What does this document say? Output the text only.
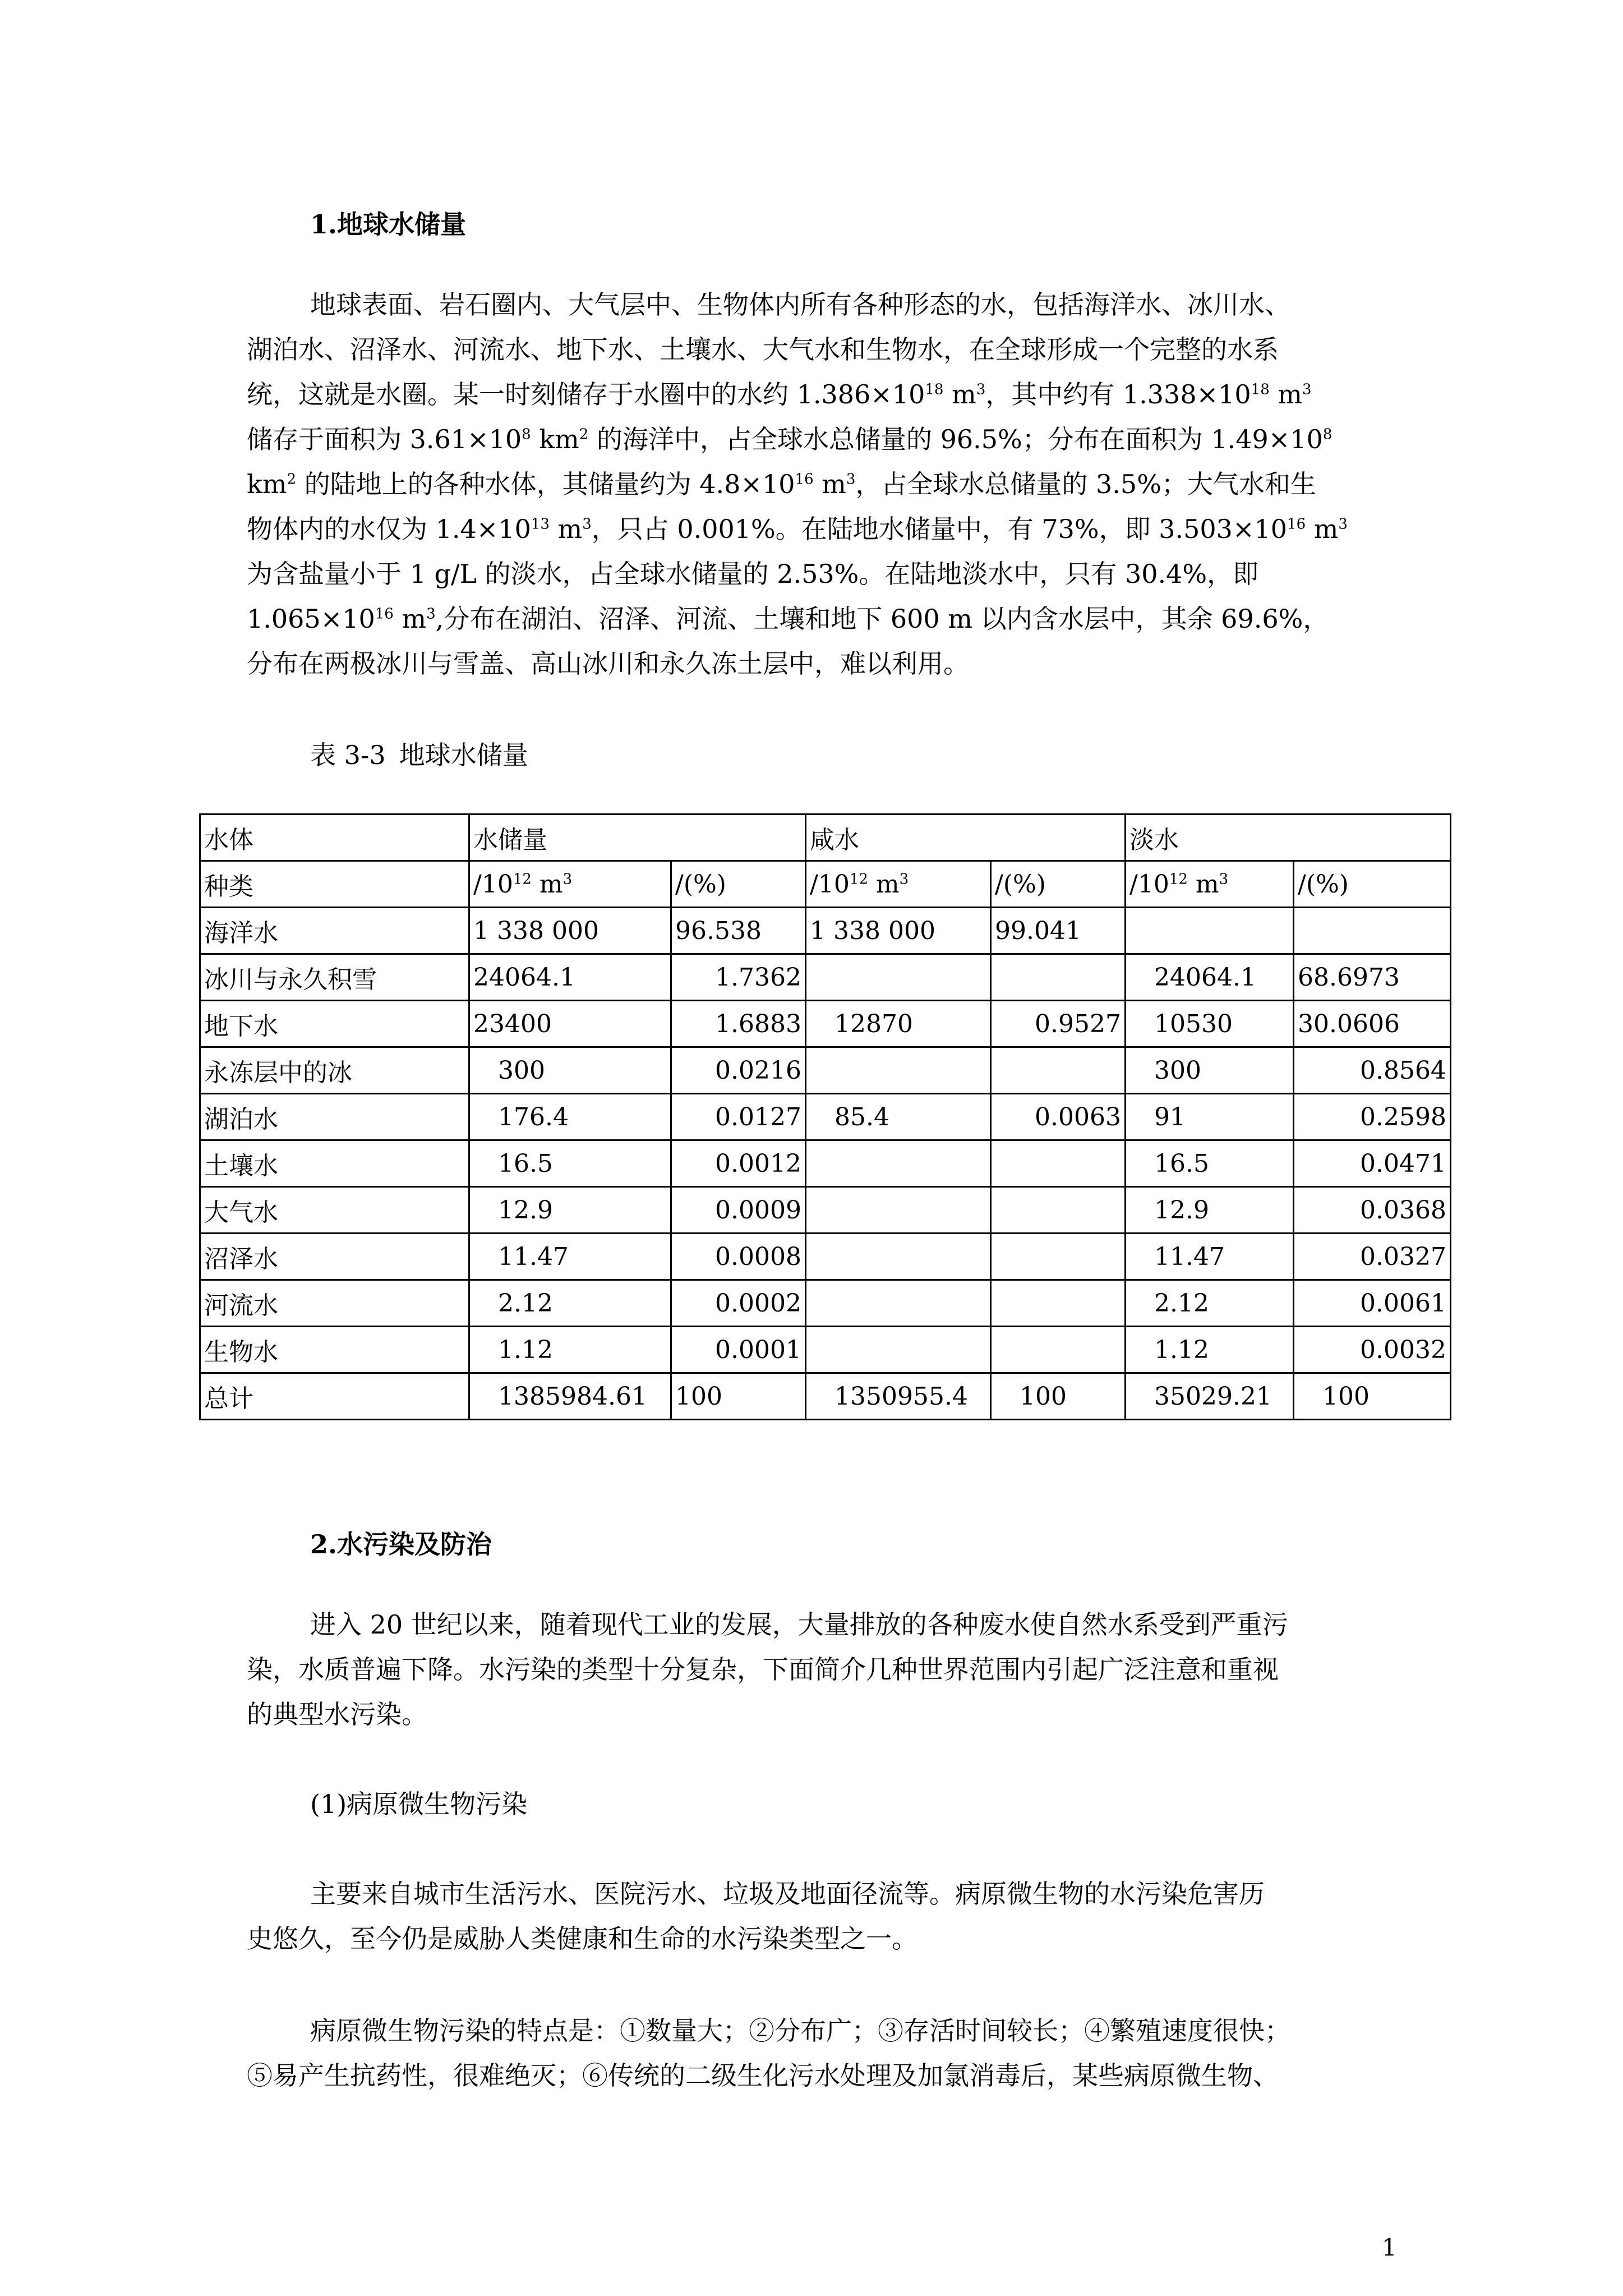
1.地球水储量
地球表面、岩石圈内、大气层中、生物体内所有各种形态的水，包括海洋水、冰川水、
湖泊水、沼泽水、河流水、地下水、土壤水、大气水和生物水，在全球形成一个完整的水系
统，这就是水圈。某一时刻储存于水圈中的水约 $1.386\times 10^{18}$ $m^3$，其中约有 $1.338\times 10^{18}$ $m^3$
储存于面积为 $3.61\times 10^8$ $km^2$ 的海洋中，占全球水总储量的 96.5%；分布在面积为 $1.49\times 10^8$
$km^2$ 的陆地上的各种水体，其储量约为 $4.8\times 10^{16}$ $m^3$，占全球水总储量的 3.5%；大气水和生
物体内的水仅为 $1.4\times 10^{13}$ $m^3$，只占 0.001%。在陆地水储量中，有 73%，即 $3.503\times 10^{16}$ $m^3$
为含盐量小于 1 g/L 的淡水，占全球水储量的 2.53%。在陆地淡水中，只有 30.4%，即
$1.065\times 10^{16}$ $m^3$,分布在湖泊、沼泽、河流、土壤和地下 600 m 以内含水层中，其余 69.6%，
分布在两极冰川与雪盖、高山冰川和永久冻土层中，难以利用。
表 3-3 地球水储量
水体	水储量		咸水		淡水	
种类	$/10^{12}$ $m^3$	/(%)	$/10^{12}$ $m^3$	/(%)	$/10^{12}$ $m^3$	/(%)
海洋水	1 338 000	96.538	1 338 000	99.041		
冰川与永久积雪	24064.1	1.7362			24064.1	68.6973
地下水	23400	1.6883	12870	0.9527	10530	30.0606
永冻层中的冰	300	0.0216			300	0.8564
湖泊水	176.4	0.0127	85.4	0.0063	91	0.2598
土壤水	16.5	0.0012			16.5	0.0471
大气水	12.9	0.0009			12.9	0.0368
沼泽水	11.47	0.0008			11.47	0.0327
河流水	2.12	0.0002			2.12	0.0061
生物水	1.12	0.0001			1.12	0.0032
总计	1385984.61	100	1350955.4	100	35029.21	100
2.水污染及防治
进入 20 世纪以来，随着现代工业的发展，大量排放的各种废水使自然水系受到严重污
染，水质普遍下降。水污染的类型十分复杂，下面简介几种世界范围内引起广泛注意和重视
的典型水污染。
(1)病原微生物污染
主要来自城市生活污水、医院污水、垃圾及地面径流等。病原微生物的水污染危害历
史悠久，至今仍是威胁人类健康和生命的水污染类型之一。
病原微生物污染的特点是：①数量大；②分布广；③存活时间较长；④繁殖速度很快；
⑤易产生抗药性，很难绝灭；⑥传统的二级生化污水处理及加氯消毒后，某些病原微生物、
1
